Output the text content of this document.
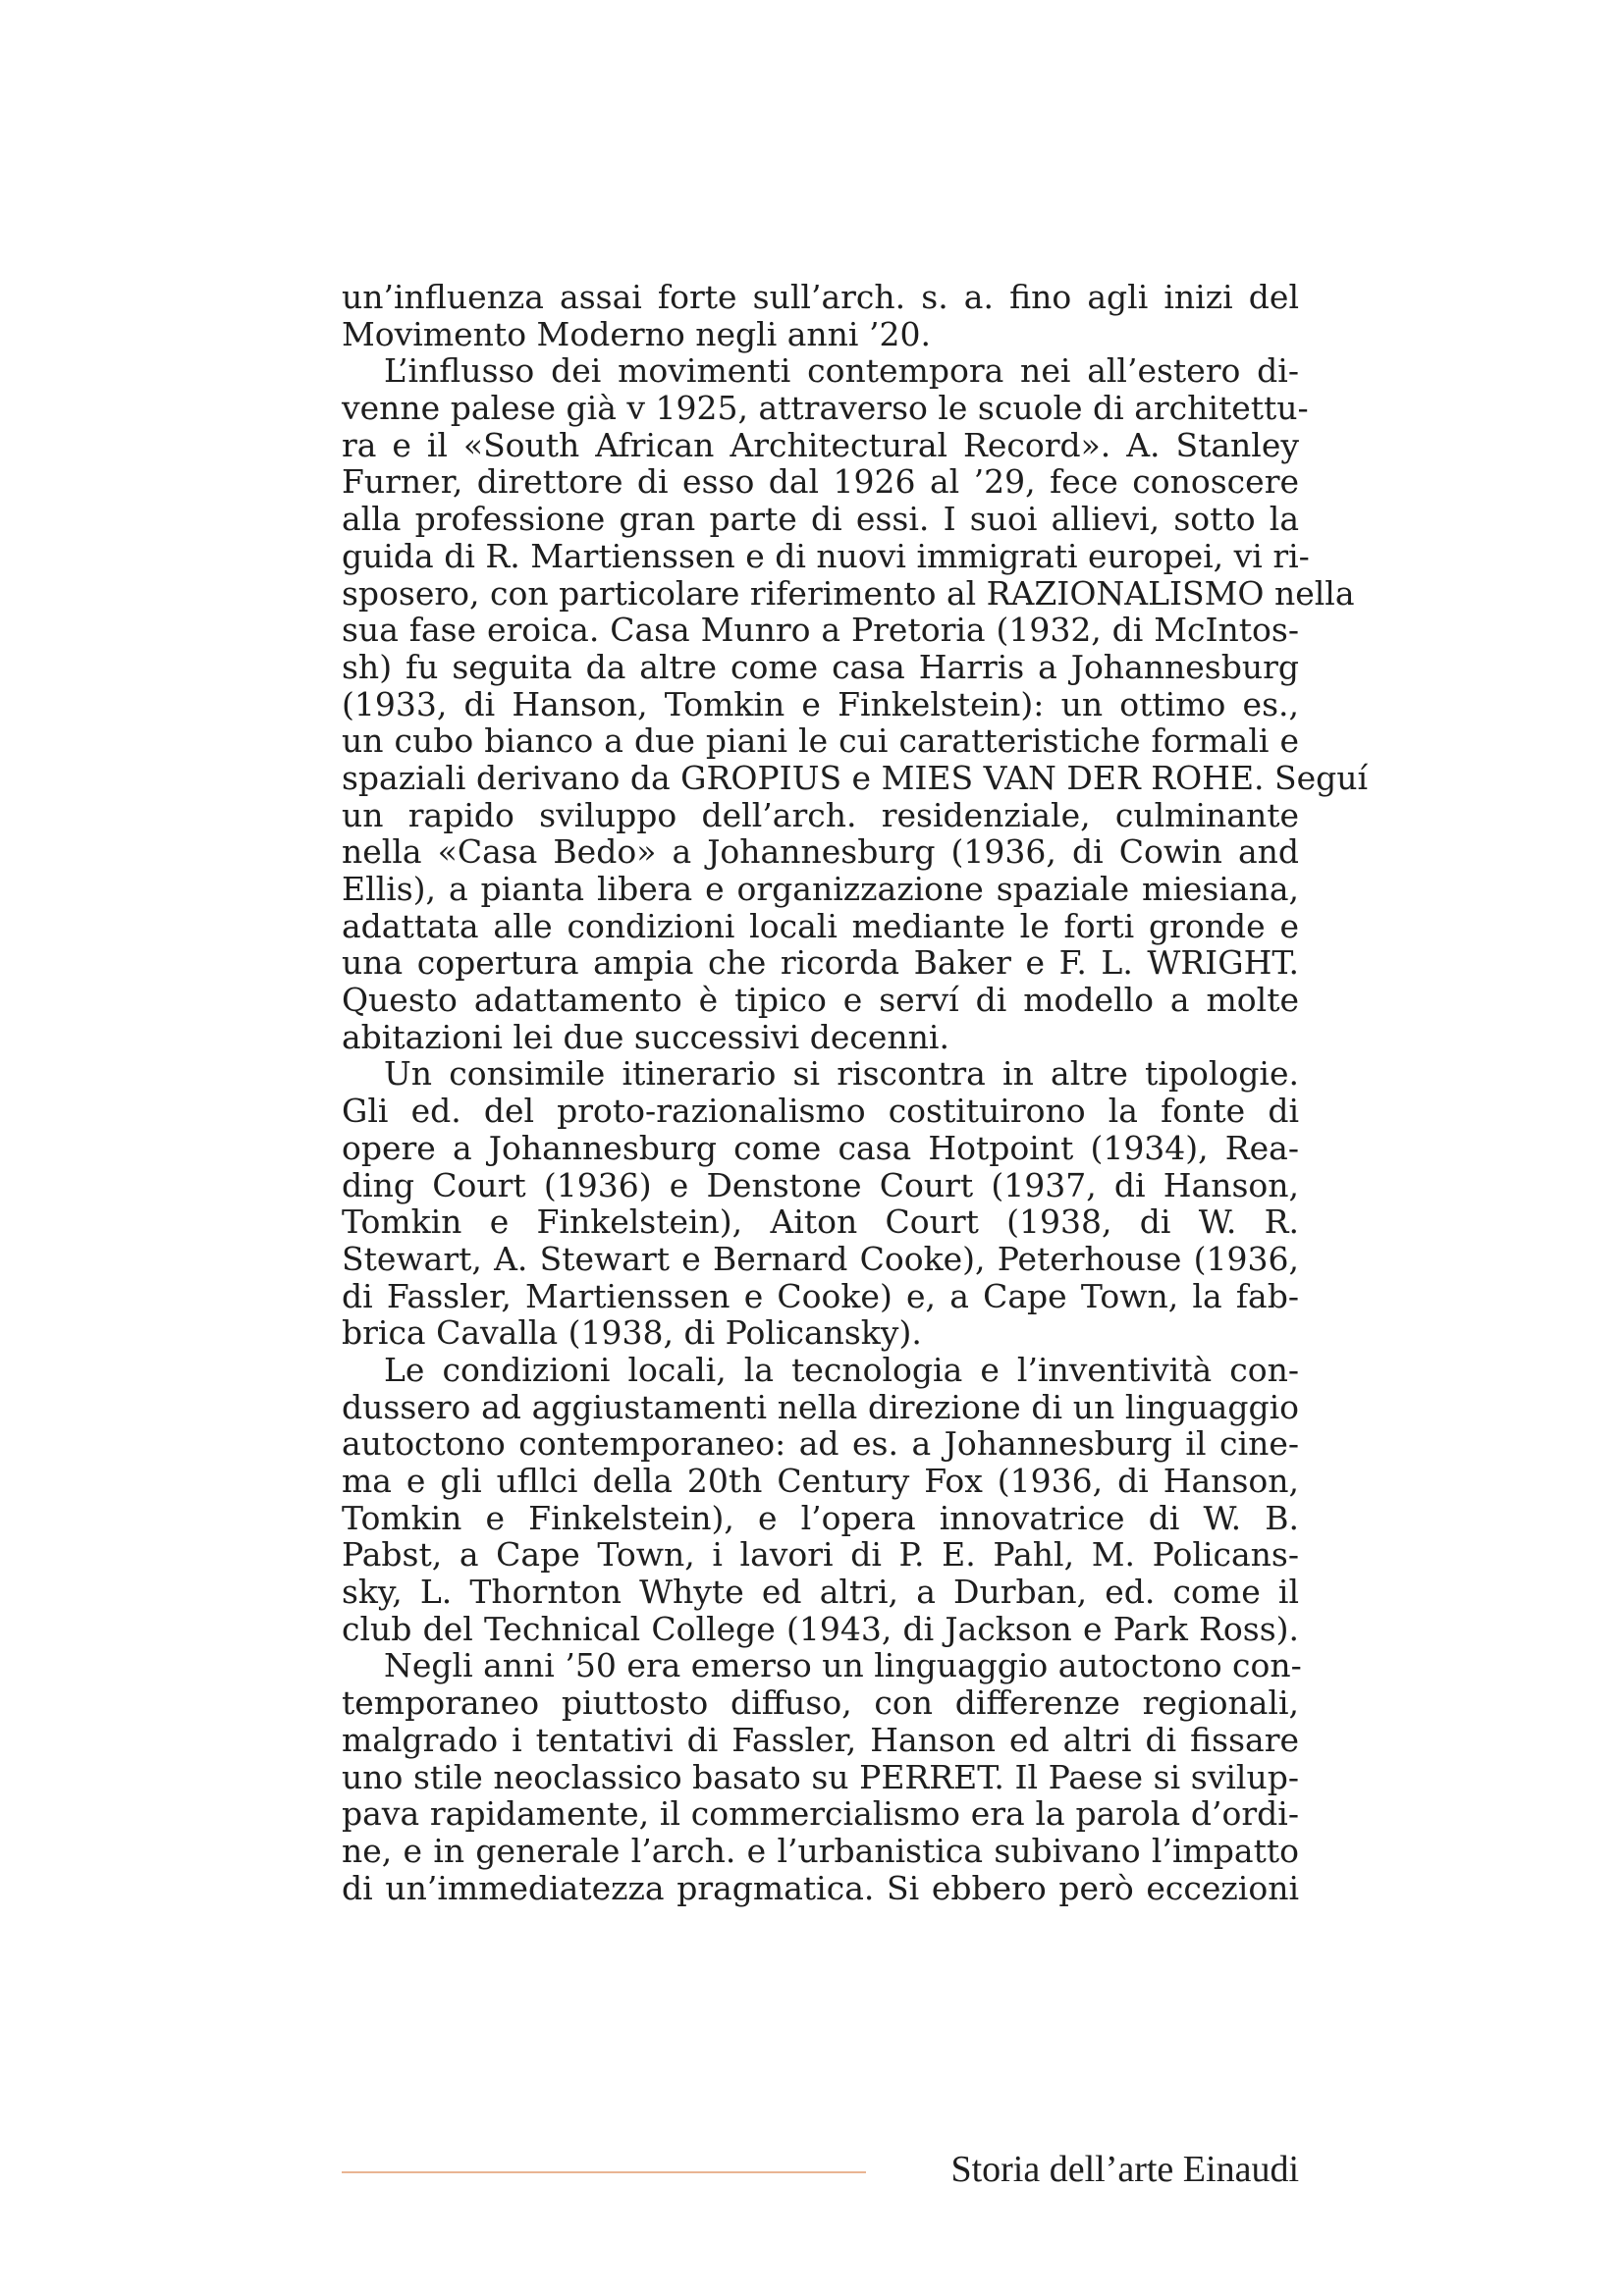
un’influenza assai forte sull’arch. s. a. fino agli inizi del
Movimento Moderno negli anni ’20.
L’influsso dei movimenti contempora nei all’estero di-
venne palese già v 1925, attraverso le scuole di architettu-
ra e il «South African Architectural Record». A. Stanley
Furner, direttore di esso dal 1926 al ’29, fece conoscere
alla professione gran parte di essi. I suoi allievi, sotto la
guida di R. Martienssen e di nuovi immigrati europei, vi ri-
sposero, con particolare riferimento al RAZIONALISMO nella
sua fase eroica. Casa Munro a Pretoria (1932, di McIntos-
sh) fu seguita da altre come casa Harris a Johannesburg
(1933, di Hanson, Tomkin e Finkelstein): un ottimo es.,
un cubo bianco a due piani le cui caratteristiche formali e
spaziali derivano da GROPIUS e MIES VAN DER ROHE. Seguí
un rapido sviluppo dell’arch. residenziale, culminante
nella «Casa Bedo» a Johannesburg (1936, di Cowin and
Ellis), a pianta libera e organizzazione spaziale miesiana,
adattata alle condizioni locali mediante le forti gronde e
una copertura ampia che ricorda Baker e F. L. WRIGHT.
Questo adattamento è tipico e serví di modello a molte
abitazioni lei due successivi decenni.
Un consimile itinerario si riscontra in altre tipologie.
Gli ed. del proto-razionalismo costituirono la fonte di
opere a Johannesburg come casa Hotpoint (1934), Rea-
ding Court (1936) e Denstone Court (1937, di Hanson,
Tomkin e Finkelstein), Aiton Court (1938, di W. R.
Stewart, A. Stewart e Bernard Cooke), Peterhouse (1936,
di Fassler, Martienssen e Cooke) e, a Cape Town, la fab-
brica Cavalla (1938, di Policansky).
Le condizioni locali, la tecnologia e l’inventività con-
dussero ad aggiustamenti nella direzione di un linguaggio
autoctono contemporaneo: ad es. a Johannesburg il cine-
ma e gli ufllci della 20th Century Fox (1936, di Hanson,
Tomkin e Finkelstein), e l’opera innovatrice di W. B.
Pabst, a Cape Town, i lavori di P. E. Pahl, M. Policans-
sky, L. Thornton Whyte ed altri, a Durban, ed. come il
club del Technical College (1943, di Jackson e Park Ross).
Negli anni ’50 era emerso un linguaggio autoctono con-
temporaneo piuttosto diffuso, con differenze regionali,
malgrado i tentativi di Fassler, Hanson ed altri di fissare
uno stile neoclassico basato su PERRET. Il Paese si svilup-
pava rapidamente, il commercialismo era la parola d’ordi-
ne, e in generale l’arch. e l’urbanistica subivano l’impatto
di un’immediatezza pragmatica. Si ebbero però eccezioni
Storia dell’arte Einaudi
